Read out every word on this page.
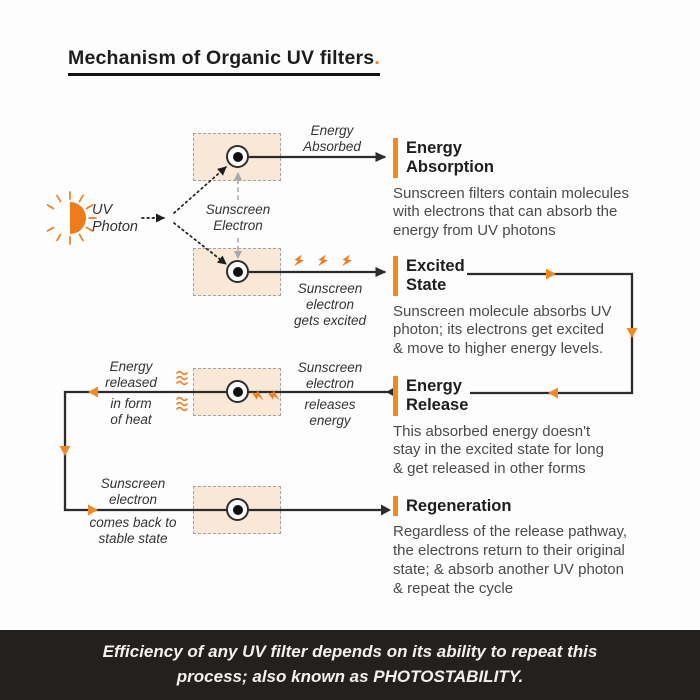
Mechanism of Organic UV filters.
UV
Photon
Energy
Absorbed
Sunscreen
Electron
Sunscreen
electron
gets excited
Sunscreen
electron
releases
energy
Energy
released
in form
of heat
Sunscreen
electron
comes back to
stable state
Energy
Absorption
Sunscreen filters contain molecules
with electrons that can absorb the
energy from UV photons
Excited
State
Sunscreen molecule absorbs UV
photon; its electrons get excited
& move to higher energy levels.
Energy
Release
This absorbed energy doesn't
stay in the excited state for long
& get released in other forms
Regeneration
Regardless of the release pathway,
the electrons return to their original
state; & absorb another UV photon
& repeat the cycle
Efficiency of any UV filter depends on its ability to repeat this
process; also known as PHOTOSTABILITY.
